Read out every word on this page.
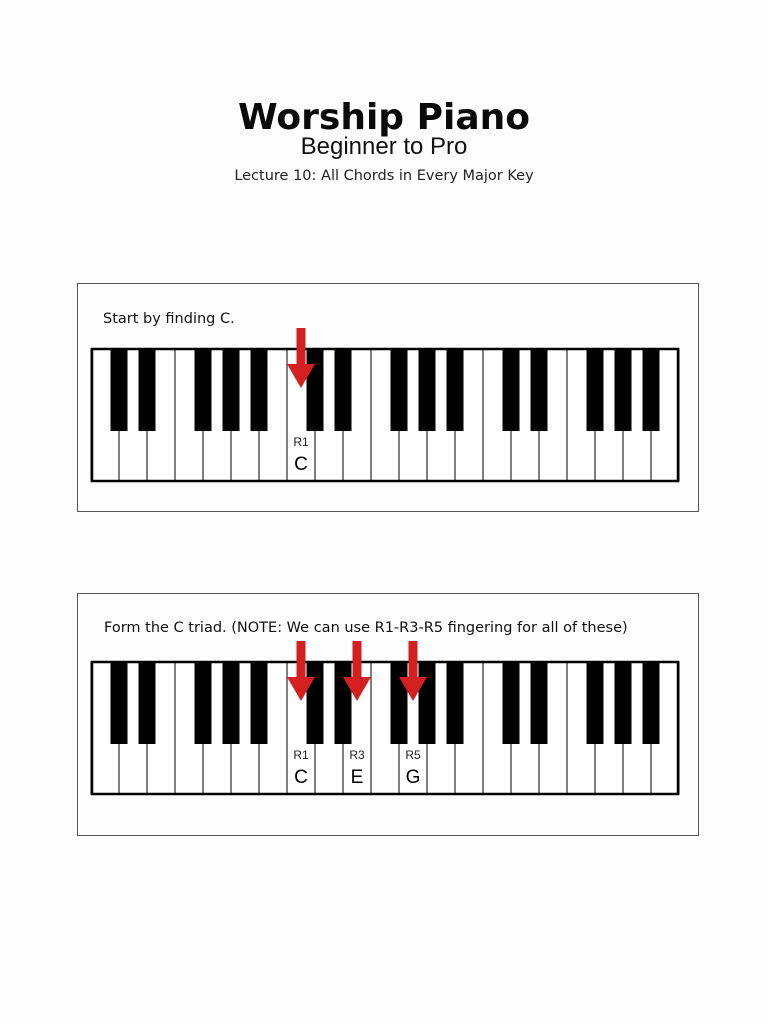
Worship Piano
Beginner to Pro
Lecture 10: All Chords in Every Major Key
Start by finding C.
R1
C
Form the C triad. (NOTE: We can use R1-R3-R5 fingering for all of these)
R1
C
R3
E
R5
G
